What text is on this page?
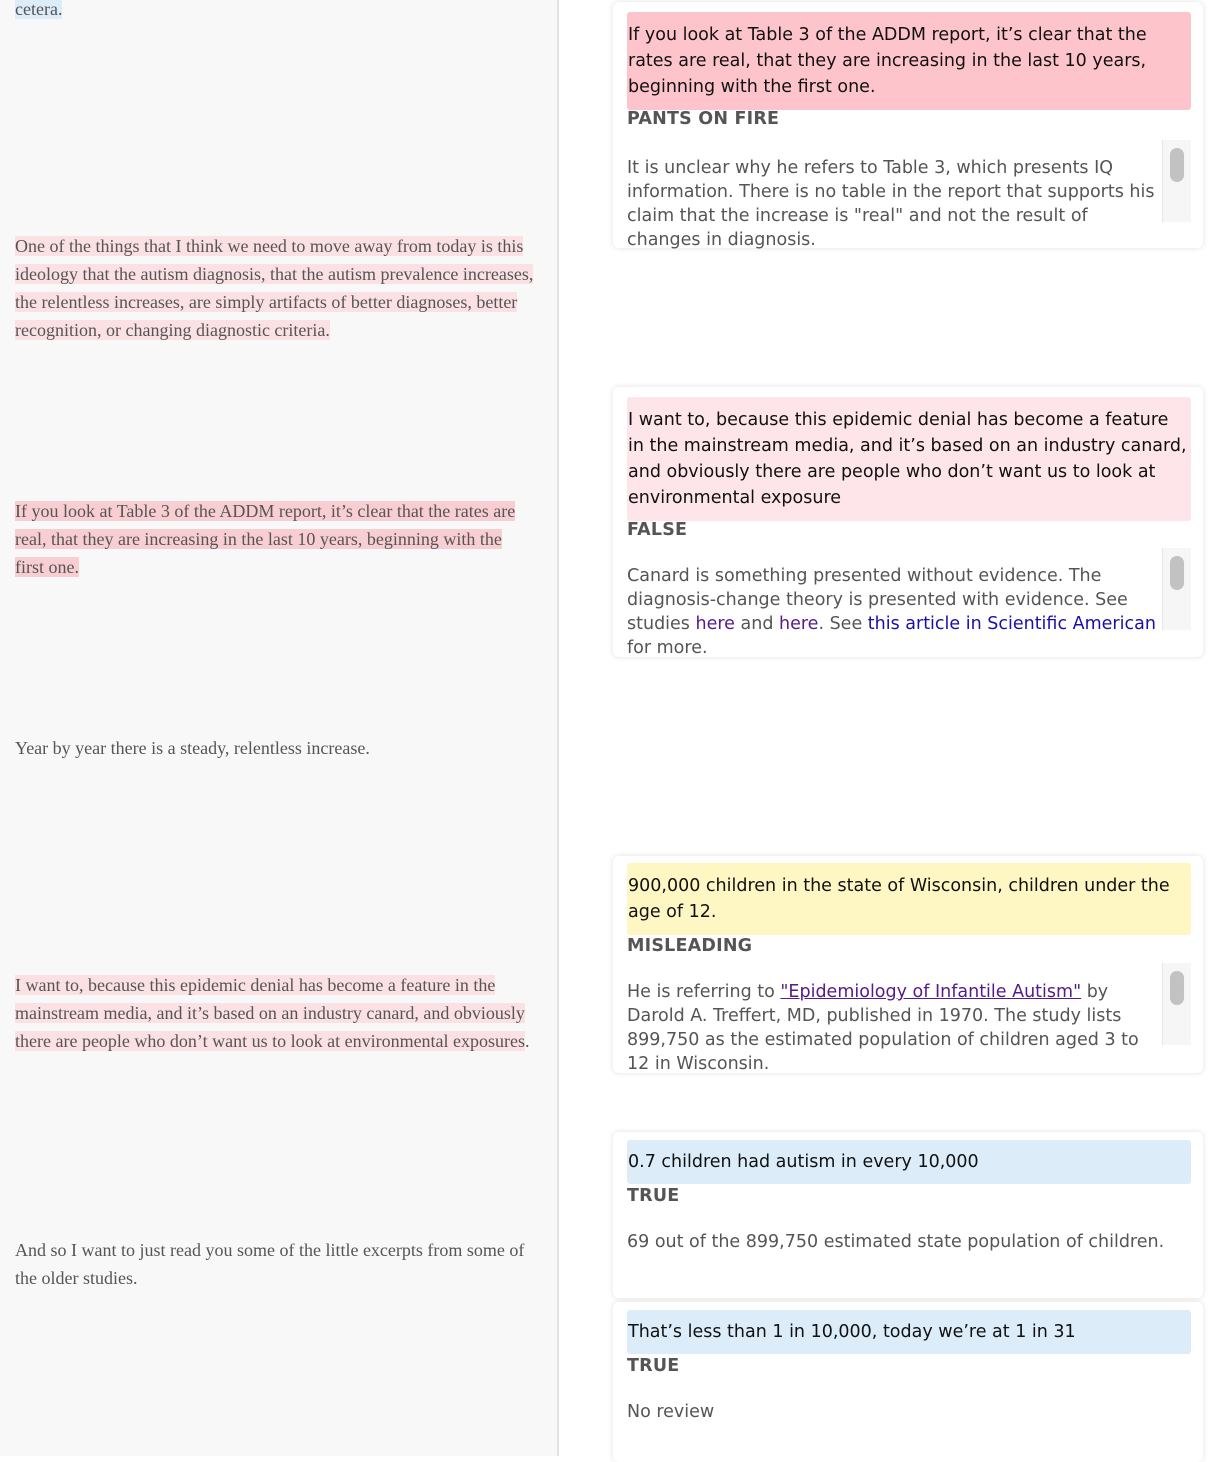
cetera.

One of the things that I think we need to move away from today is this ideology that the autism diagnosis, that the autism prevalence increases, the relentless increases, are simply artifacts of better diagnoses, better recognition, or changing diagnostic criteria.

If you look at Table 3 of the ADDM report, it’s clear that the rates are real, that they are increasing in the last 10 years, beginning with the first one.

Year by year there is a steady, relentless increase.

I want to, because this epidemic denial has become a feature in the mainstream media, and it’s based on an industry canard, and obviously there are people who don’t want us to look at environmental exposures.

And so I want to just read you some of the little excerpts from some of the older studies.

If you look at Table 3 of the ADDM report, it’s clear that the rates are real, that they are increasing in the last 10 years, beginning with the first one.
PANTS ON FIRE

It is unclear why he refers to Table 3, which presents IQ information. There is no table in the report that supports his claim that the increase is "real" and not the result of changes in diagnosis.

I want to, because this epidemic denial has become a feature in the mainstream media, and it’s based on an industry canard, and obviously there are people who don’t want us to look at environmental exposure
FALSE

Canard is something presented without evidence. The diagnosis-change theory is presented with evidence. See studies here and here. See this article in Scientific American for more.

900,000 children in the state of Wisconsin, children under the age of 12.
MISLEADING

He is referring to "Epidemiology of Infantile Autism" by Darold A. Treffert, MD, published in 1970. The study lists 899,750 as the estimated population of children aged 3 to 12 in Wisconsin.

0.7 children had autism in every 10,000
TRUE

69 out of the 899,750 estimated state population of children.

That’s less than 1 in 10,000, today we’re at 1 in 31
TRUE

No review
